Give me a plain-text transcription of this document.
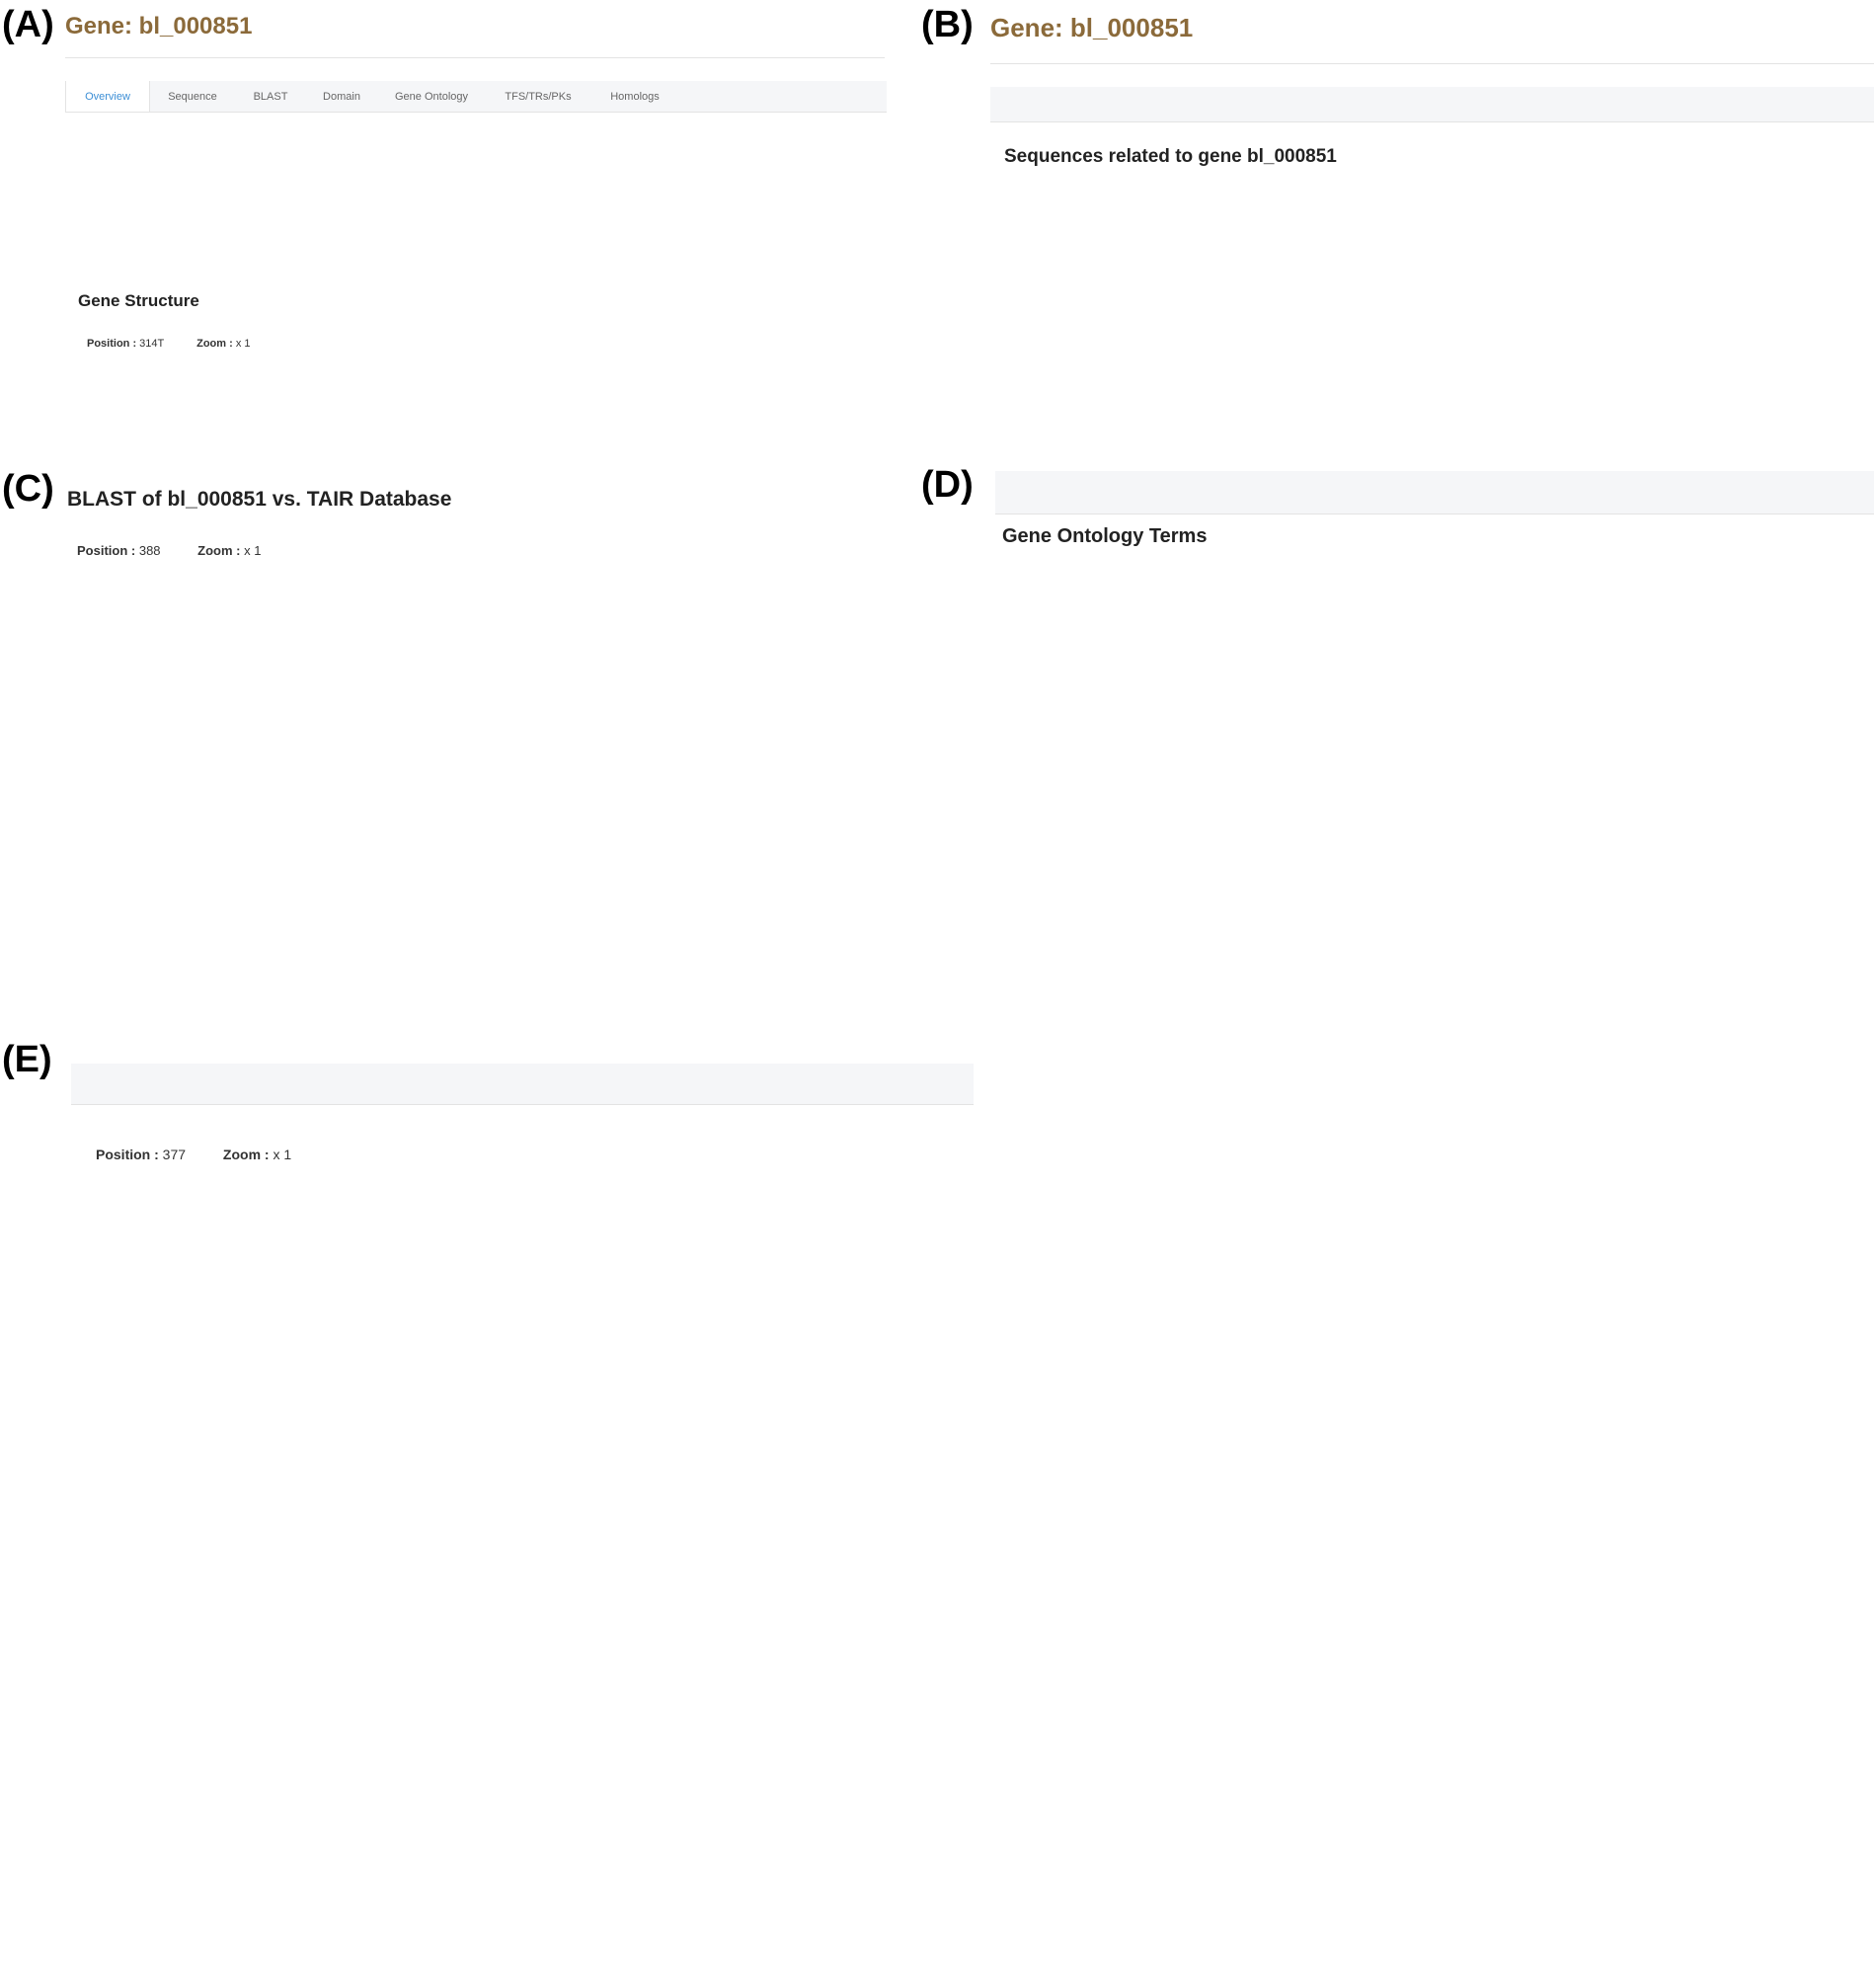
(A) Gene: bl_000851
Overview	Sequence	BLAST	Domain	Gene Ontology	TFS/TRs/PKs	Homologs
Gene Structure
Position : 314T	Zoom : x 1
(B) Gene: bl_000851
Sequences related to gene bl_000851
(C) BLAST of bl_000851 vs. TAIR Database
Position : 388	Zoom : x 1
(D)
Gene Ontology Terms
(E)
Position : 377	Zoom : x 1
